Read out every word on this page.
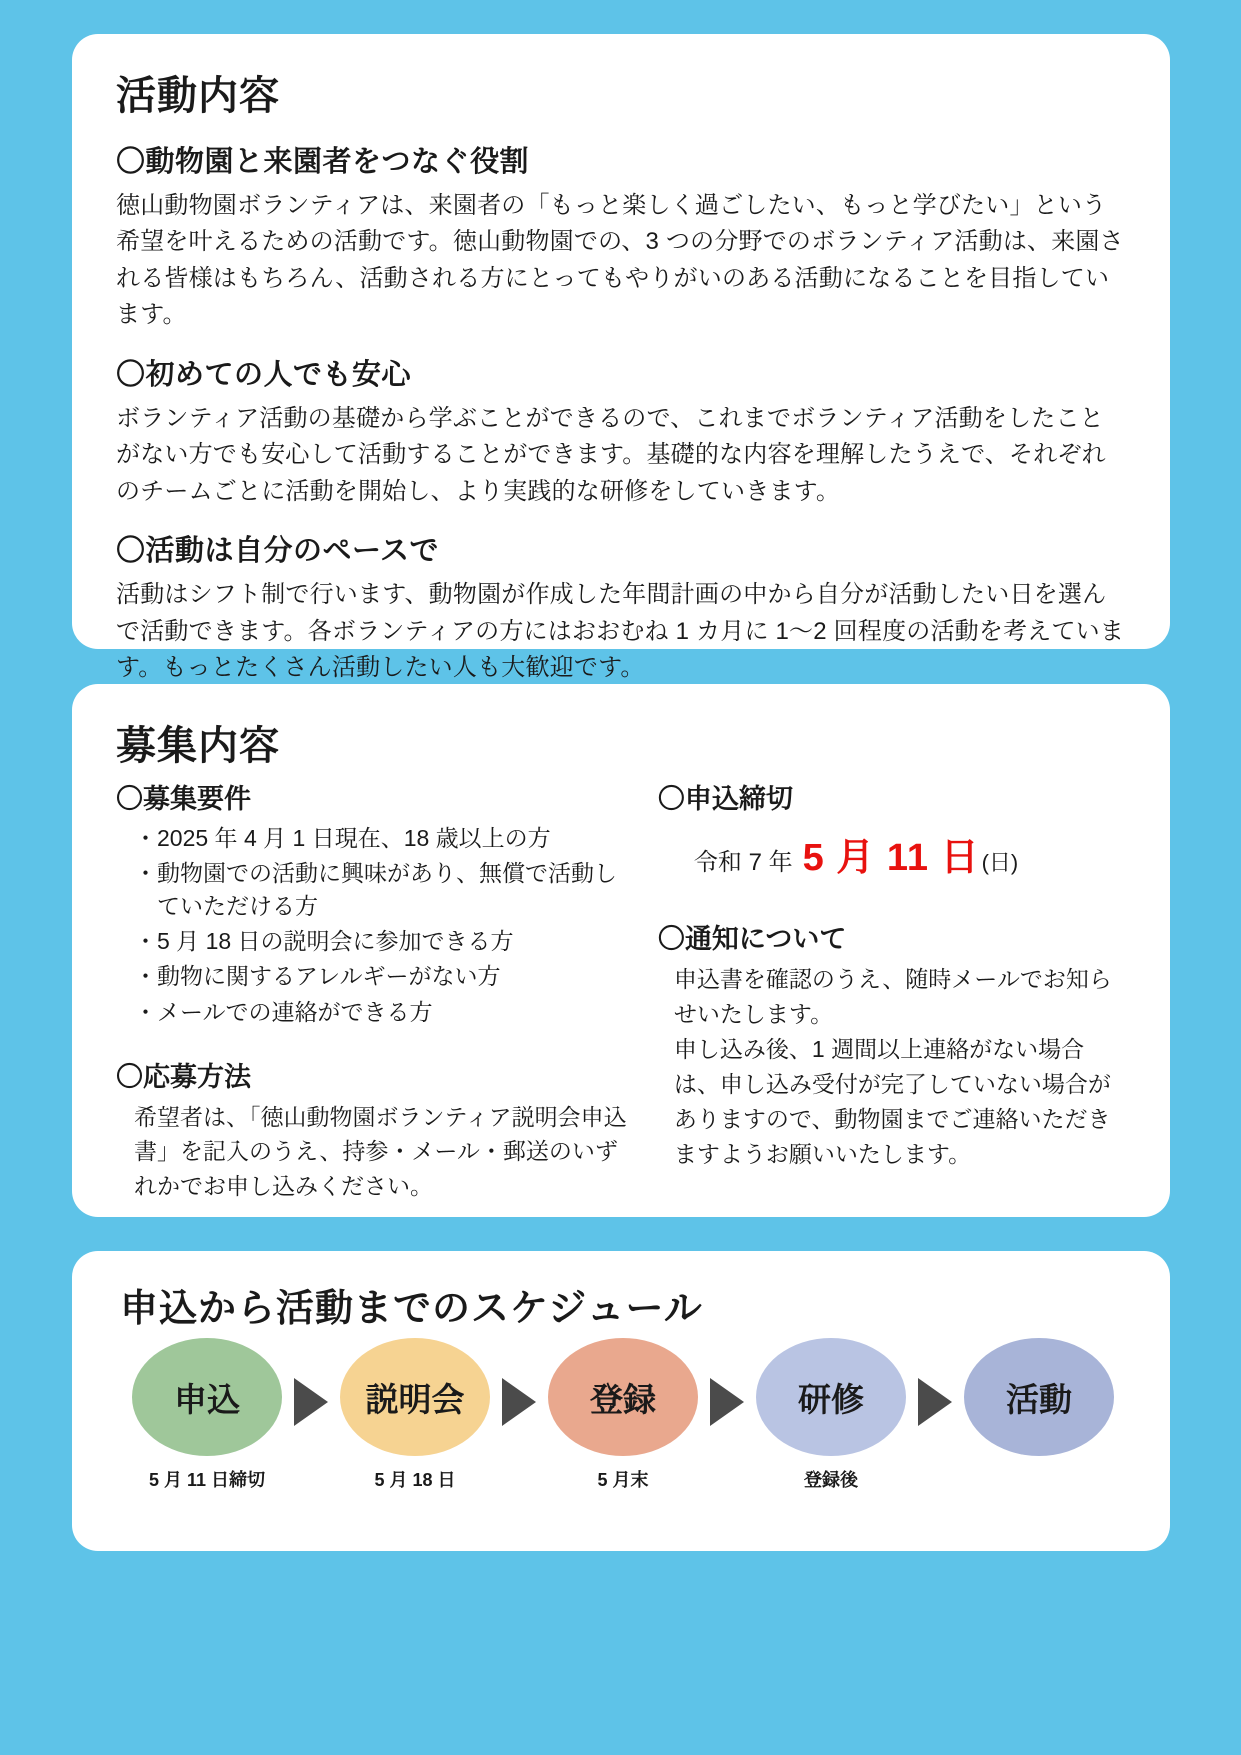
活動内容
〇動物園と来園者をつなぐ役割

徳山動物園ボランティアは、来園者の「もっと楽しく過ごしたい、もっと学びたい」という希望を叶えるための活動です。徳山動物園での、3 つの分野でのボランティア活動は、来園される皆様はもちろん、活動される方にとってもやりがいのある活動になることを目指しています。

〇初めての人でも安心

ボランティア活動の基礎から学ぶことができるので、これまでボランティア活動をしたことがない方でも安心して活動することができます。基礎的な内容を理解したうえで、それぞれのチームごとに活動を開始し、より実践的な研修をしていきます。

〇活動は自分のペースで

活動はシフト制で行います、動物園が作成した年間計画の中から自分が活動したい日を選んで活動できます。各ボランティアの方にはおおむね 1 カ月に 1〜2 回程度の活動を考えています。もっとたくさん活動したい人も大歓迎です。

募集内容
〇募集要件
・2025 年 4 月 1 日現在、18 歳以上の方
・動物園での活動に興味があり、無償で活動していただける方
・5 月 18 日の説明会に参加できる方
・動物に関するアレルギーがない方
・メールでの連絡ができる方
〇応募方法

希望者は、「徳山動物園ボランティア説明会申込書」を記入のうえ、持参・メール・郵送のいずれかでお申し込みください。

〇申込締切
令和 7 年 5 月 11 日 (日)
〇通知について

申込書を確認のうえ、随時メールでお知らせいたします。

申し込み後、1 週間以上連絡がない場合は、申し込み受付が完了していない場合がありますので、動物園までご連絡いただきますようお願いいたします。

申込から活動までのスケジュール
申込
5 月 11 日締切
説明会
5 月 18 日
登録
5 月末
研修
登録後
活動
